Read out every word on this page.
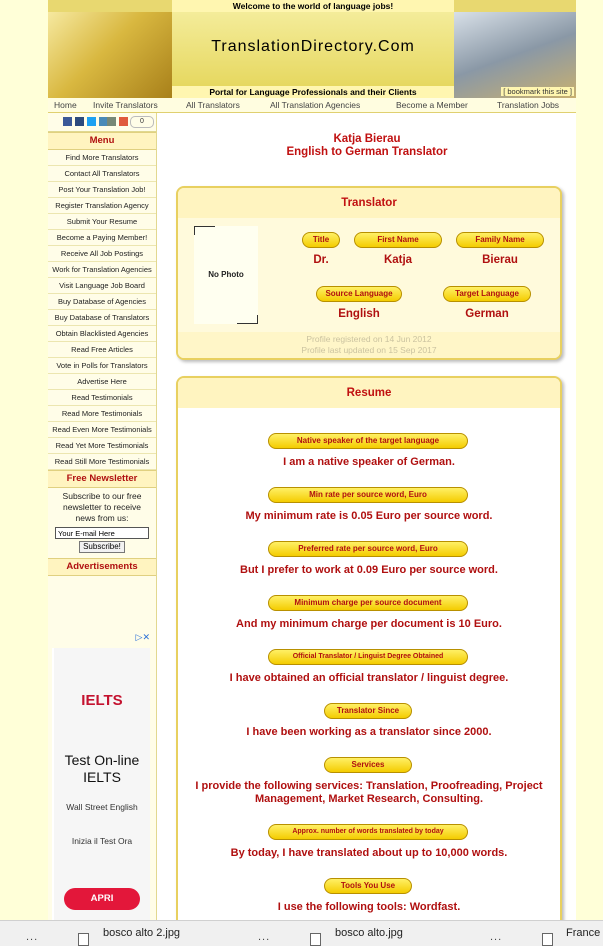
Welcome to the world of language jobs!
TranslationDirectory.Com
Portal for Language Professionals and their Clients	[ bookmark this site ]
Home Invite Translators	All Translators	All Translation Agencies	Become a Member	Translation Jobs
0
Menu
Find More Translators
Contact All Translators
Post Your Translation Job!
Register Translation Agency
Submit Your Resume
Become a Paying Member!
Receive All Job Postings
Work for Translation Agencies
Visit Language Job Board
Buy Database of Agencies
Buy Database of Translators
Obtain Blacklisted Agencies
Read Free Articles
Vote in Polls for Translators
Advertise Here
Read Testimonials
Read More Testimonials
Read Even More Testimonials
Read Yet More Testimonials
Read Still More Testimonials
Free Newsletter
Subscribe to our free newsletter to receive news from us:
Your E-mail Here
Subscribe!
Advertisements
▷✕
IELTS
Test On-line IELTS
Wall Street English
Inizia il Test Ora
APRI
Katja Bierau
English to German Translator
Translator
No Photo
Title
Dr.
First Name
Katja
Family Name
Bierau
Source Language
English
Target Language
German
Profile registered on 14 Jun 2012
Profile last updated on 15 Sep 2017
Resume
Native speaker of the target language
I am a native speaker of German.
Min rate per source word, Euro
My minimum rate is 0.05 Euro per source word.
Preferred rate per source word, Euro
But I prefer to work at 0.09 Euro per source word.
Minimum charge per source document
And my minimum charge per document is 10 Euro.
Official Translator / Linguist Degree Obtained
I have obtained an official translator / linguist degree.
Translator Since
I have been working as a translator since 2000.
Services
I provide the following services: Translation, Proofreading, Project Management, Market Research, Consulting.
Approx. number of words translated by today
By today, I have translated about up to 10,000 words.
Tools You Use
I use the following tools: Wordfast.
...	bosco alto 2.jpg	...	bosco alto.jpg	...	France
